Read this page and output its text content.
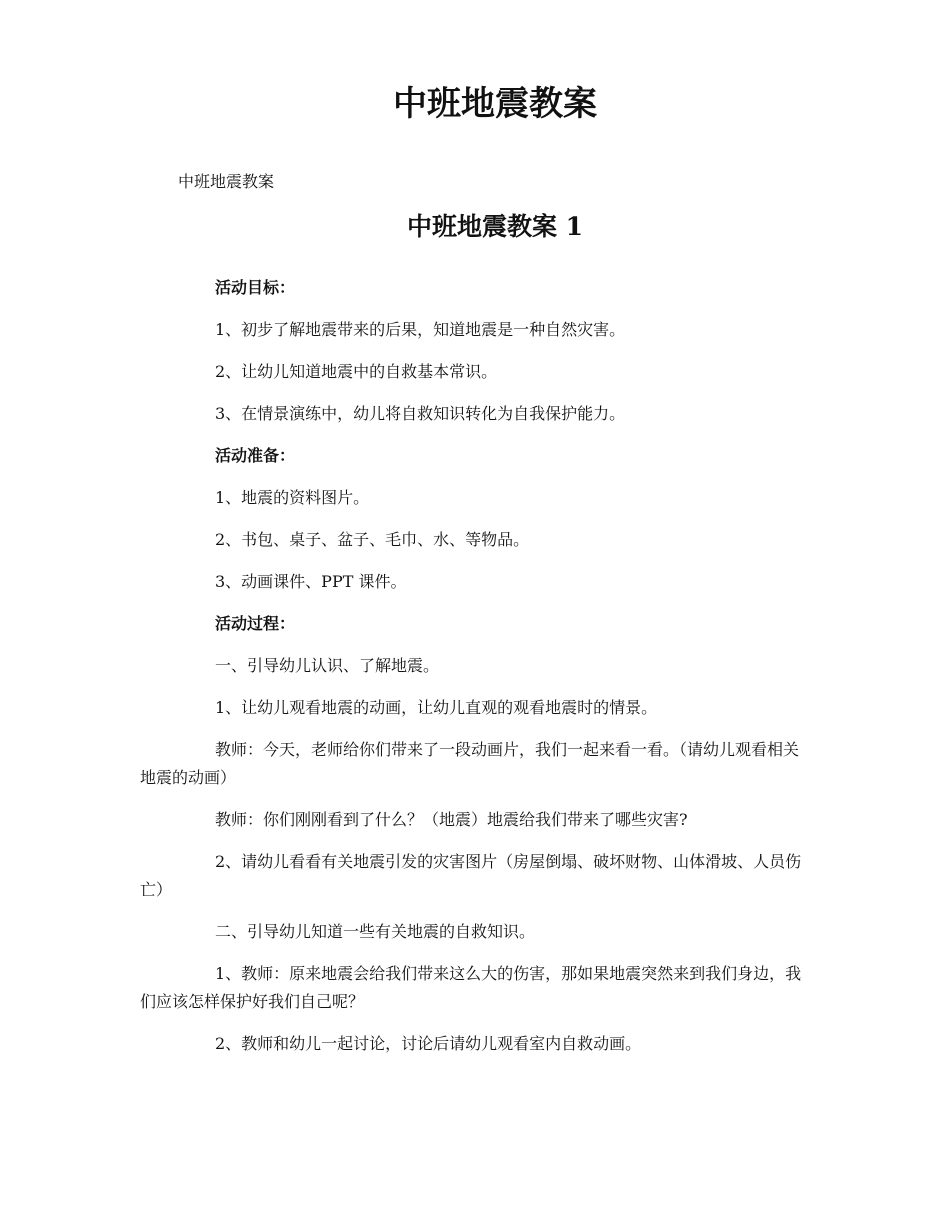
中班地震教案
中班地震教案
中班地震教案 1

活动目标：

1、初步了解地震带来的后果，知道地震是一种自然灾害。

2、让幼儿知道地震中的自救基本常识。

3、在情景演练中，幼儿将自救知识转化为自我保护能力。

活动准备：

1、地震的资料图片。

2、书包、桌子、盆子、毛巾、水、等物品。

3、动画课件、PPT 课件。

活动过程：

一、引导幼儿认识、了解地震。

1、让幼儿观看地震的动画，让幼儿直观的观看地震时的情景。

教师：今天，老师给你们带来了一段动画片，我们一起来看一看。（请幼儿观看相关地震的动画）

教师：你们刚刚看到了什么？（地震）地震给我们带来了哪些灾害?

2、请幼儿看看有关地震引发的灾害图片（房屋倒塌、破坏财物、山体滑坡、人员伤亡）

二、引导幼儿知道一些有关地震的自救知识。

1、教师：原来地震会给我们带来这么大的伤害，那如果地震突然来到我们身边，我们应该怎样保护好我们自己呢？

2、教师和幼儿一起讨论，讨论后请幼儿观看室内自救动画。
